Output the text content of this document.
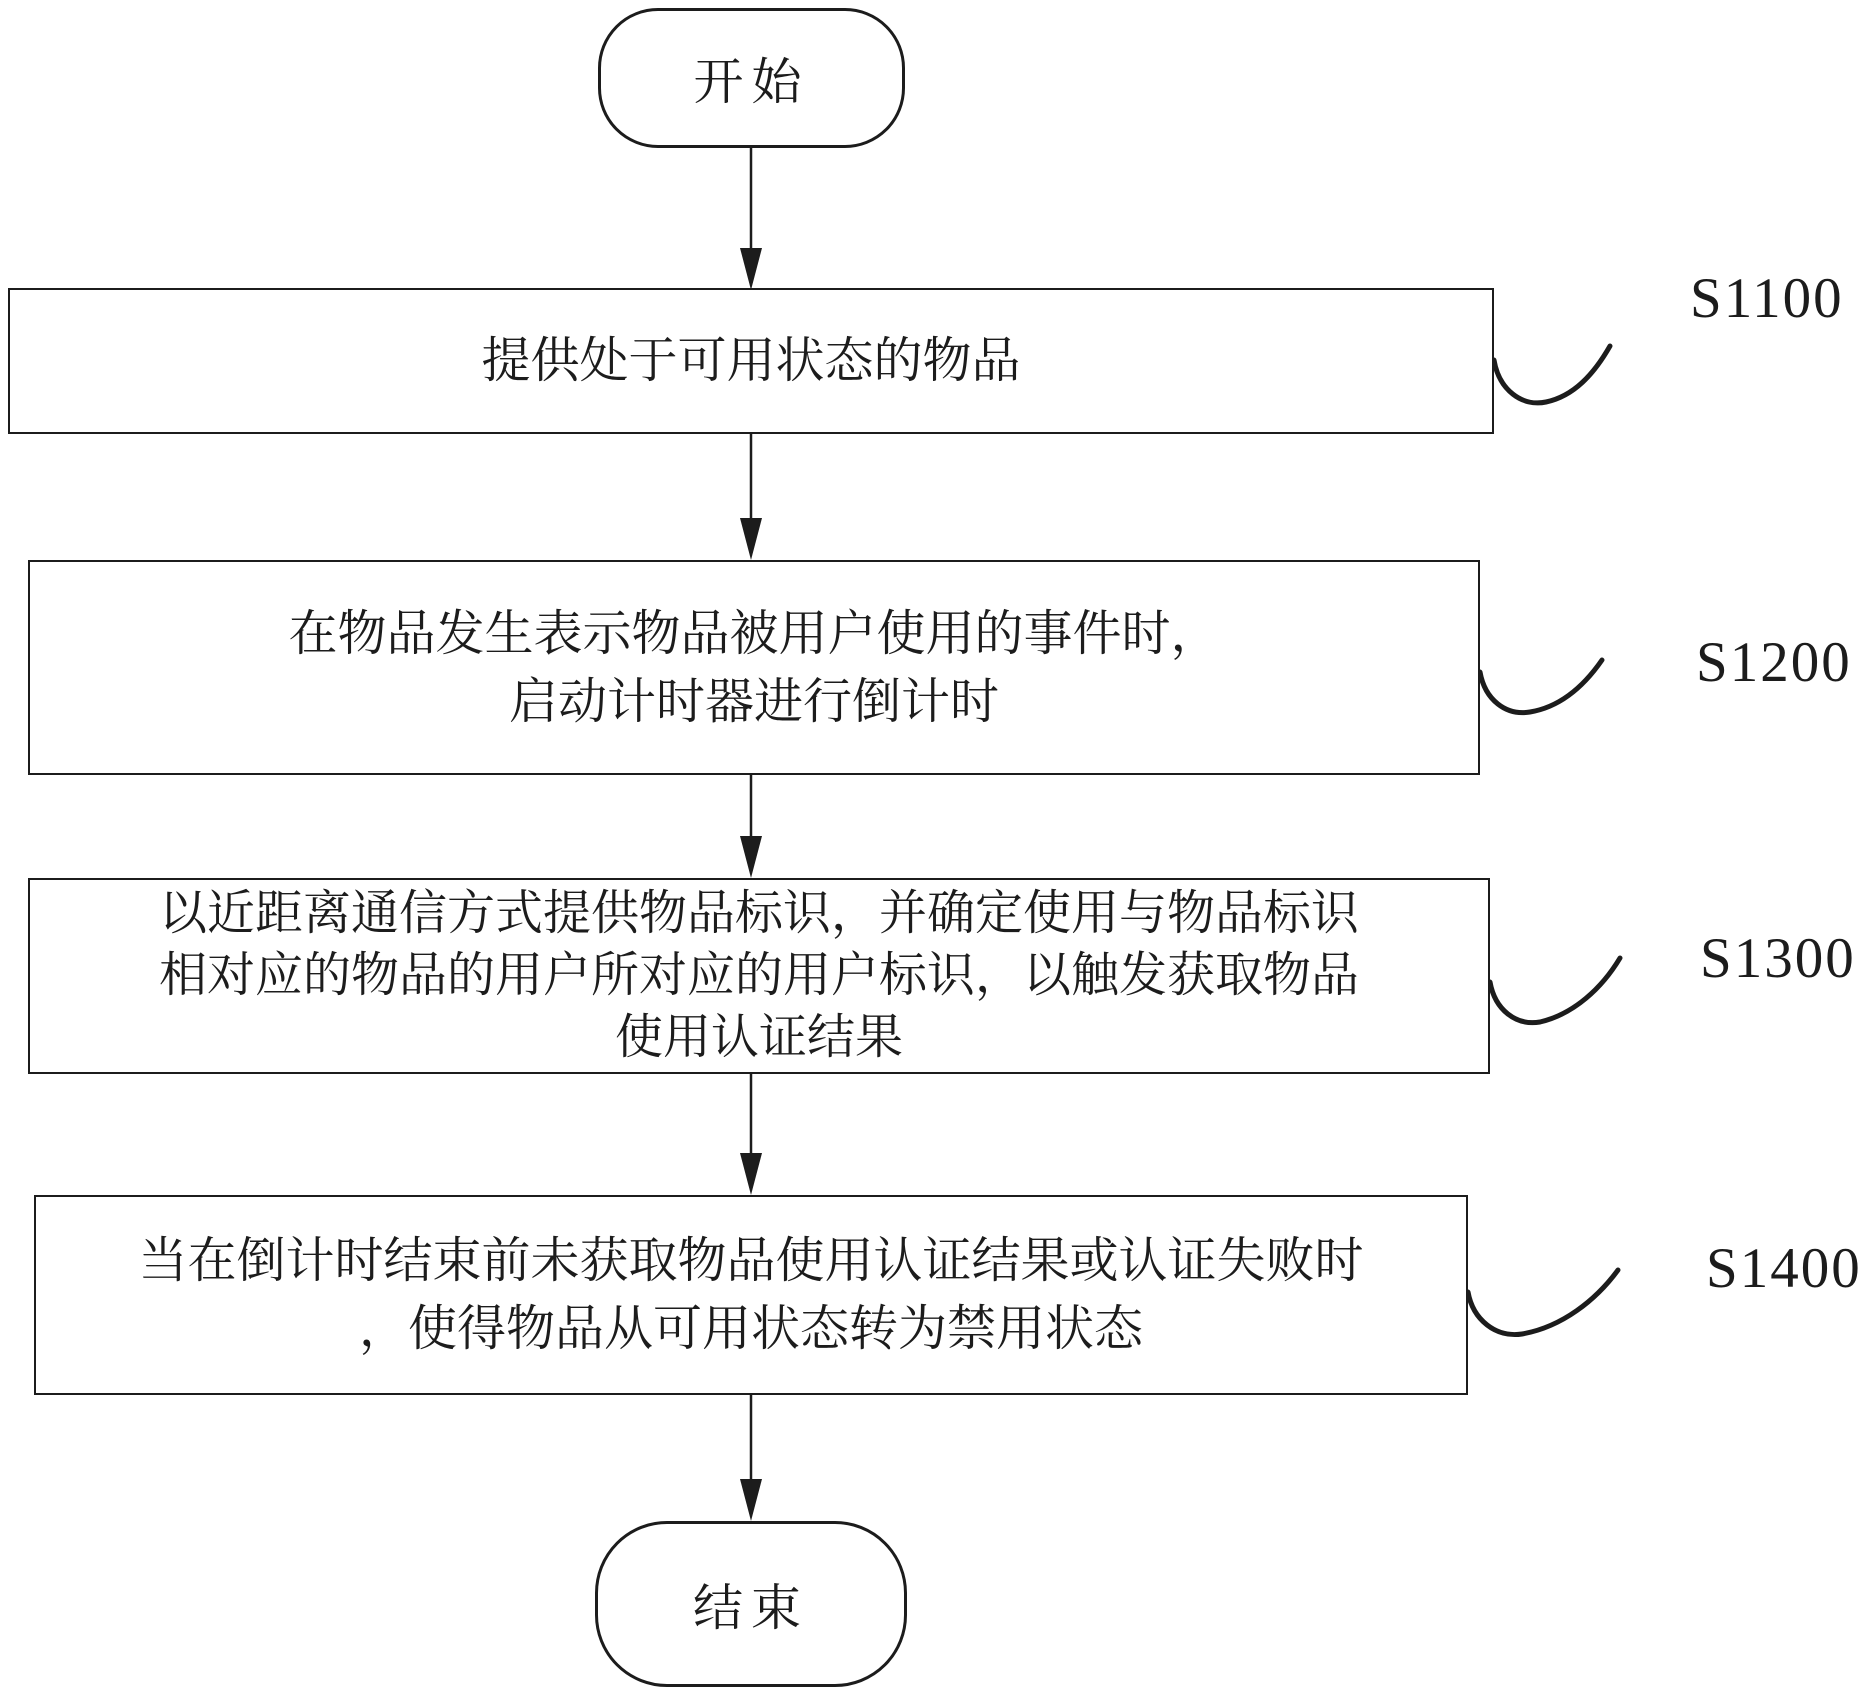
开始
提供处于可用状态的物品
S1100
在物品发生表示物品被用户使用的事件时，
启动计时器进行倒计时
S1200
以近距离通信方式提供物品标识，并确定使用与物品标识
相对应的物品的用户所对应的用户标识，以触发获取物品
使用认证结果
S1300
当在倒计时结束前未获取物品使用认证结果或认证失败时
，使得物品从可用状态转为禁用状态
S1400
结束
